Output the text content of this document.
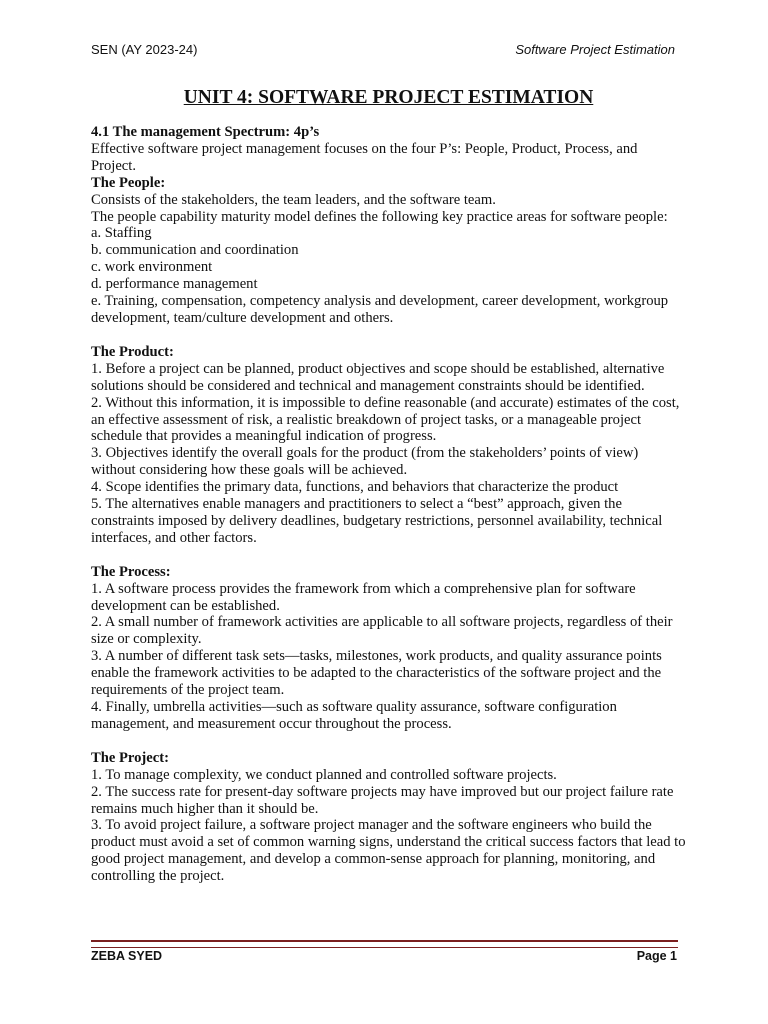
SEN (AY 2023-24)	Software Project Estimation
UNIT 4: SOFTWARE PROJECT ESTIMATION

4.1 The management Spectrum: 4p’s

Effective software project management focuses on the four P’s: People, Product, Process, and Project.

The People:

Consists of the stakeholders, the team leaders, and the software team.

The people capability maturity model defines the following key practice areas for software people:

a. Staffing

b. communication and coordination

c. work environment

d. performance management

e. Training, compensation, competency analysis and development, career development, workgroup development, team/culture development and others.

The Product:

1. Before a project can be planned, product objectives and scope should be established, alternative solutions should be considered and technical and management constraints should be identified.

2. Without this information, it is impossible to define reasonable (and accurate) estimates of the cost, an effective assessment of risk, a realistic breakdown of project tasks, or a manageable project schedule that provides a meaningful indication of progress.

3. Objectives identify the overall goals for the product (from the stakeholders’ points of view) without considering how these goals will be achieved.

4. Scope identifies the primary data, functions, and behaviors that characterize the product

5. The alternatives enable managers and practitioners to select a “best” approach, given the constraints imposed by delivery deadlines, budgetary restrictions, personnel availability, technical interfaces, and other factors.

The Process:

1. A software process provides the framework from which a comprehensive plan for software development can be established.

2. A small number of framework activities are applicable to all software projects, regardless of their size or complexity.

3. A number of different task sets—tasks, milestones, work products, and quality assurance points enable the framework activities to be adapted to the characteristics of the software project and the requirements of the project team.

4. Finally, umbrella activities—such as software quality assurance, software configuration management, and measurement occur throughout the process.

The Project:

1. To manage complexity, we conduct planned and controlled software projects.

2. The success rate for present-day software projects may have improved but our project failure rate remains much higher than it should be.

3. To avoid project failure, a software project manager and the software engineers who build the product must avoid a set of common warning signs, understand the critical success factors that lead to good project management, and develop a common-sense approach for planning, monitoring, and controlling the project.

ZEBA SYED	Page 1
